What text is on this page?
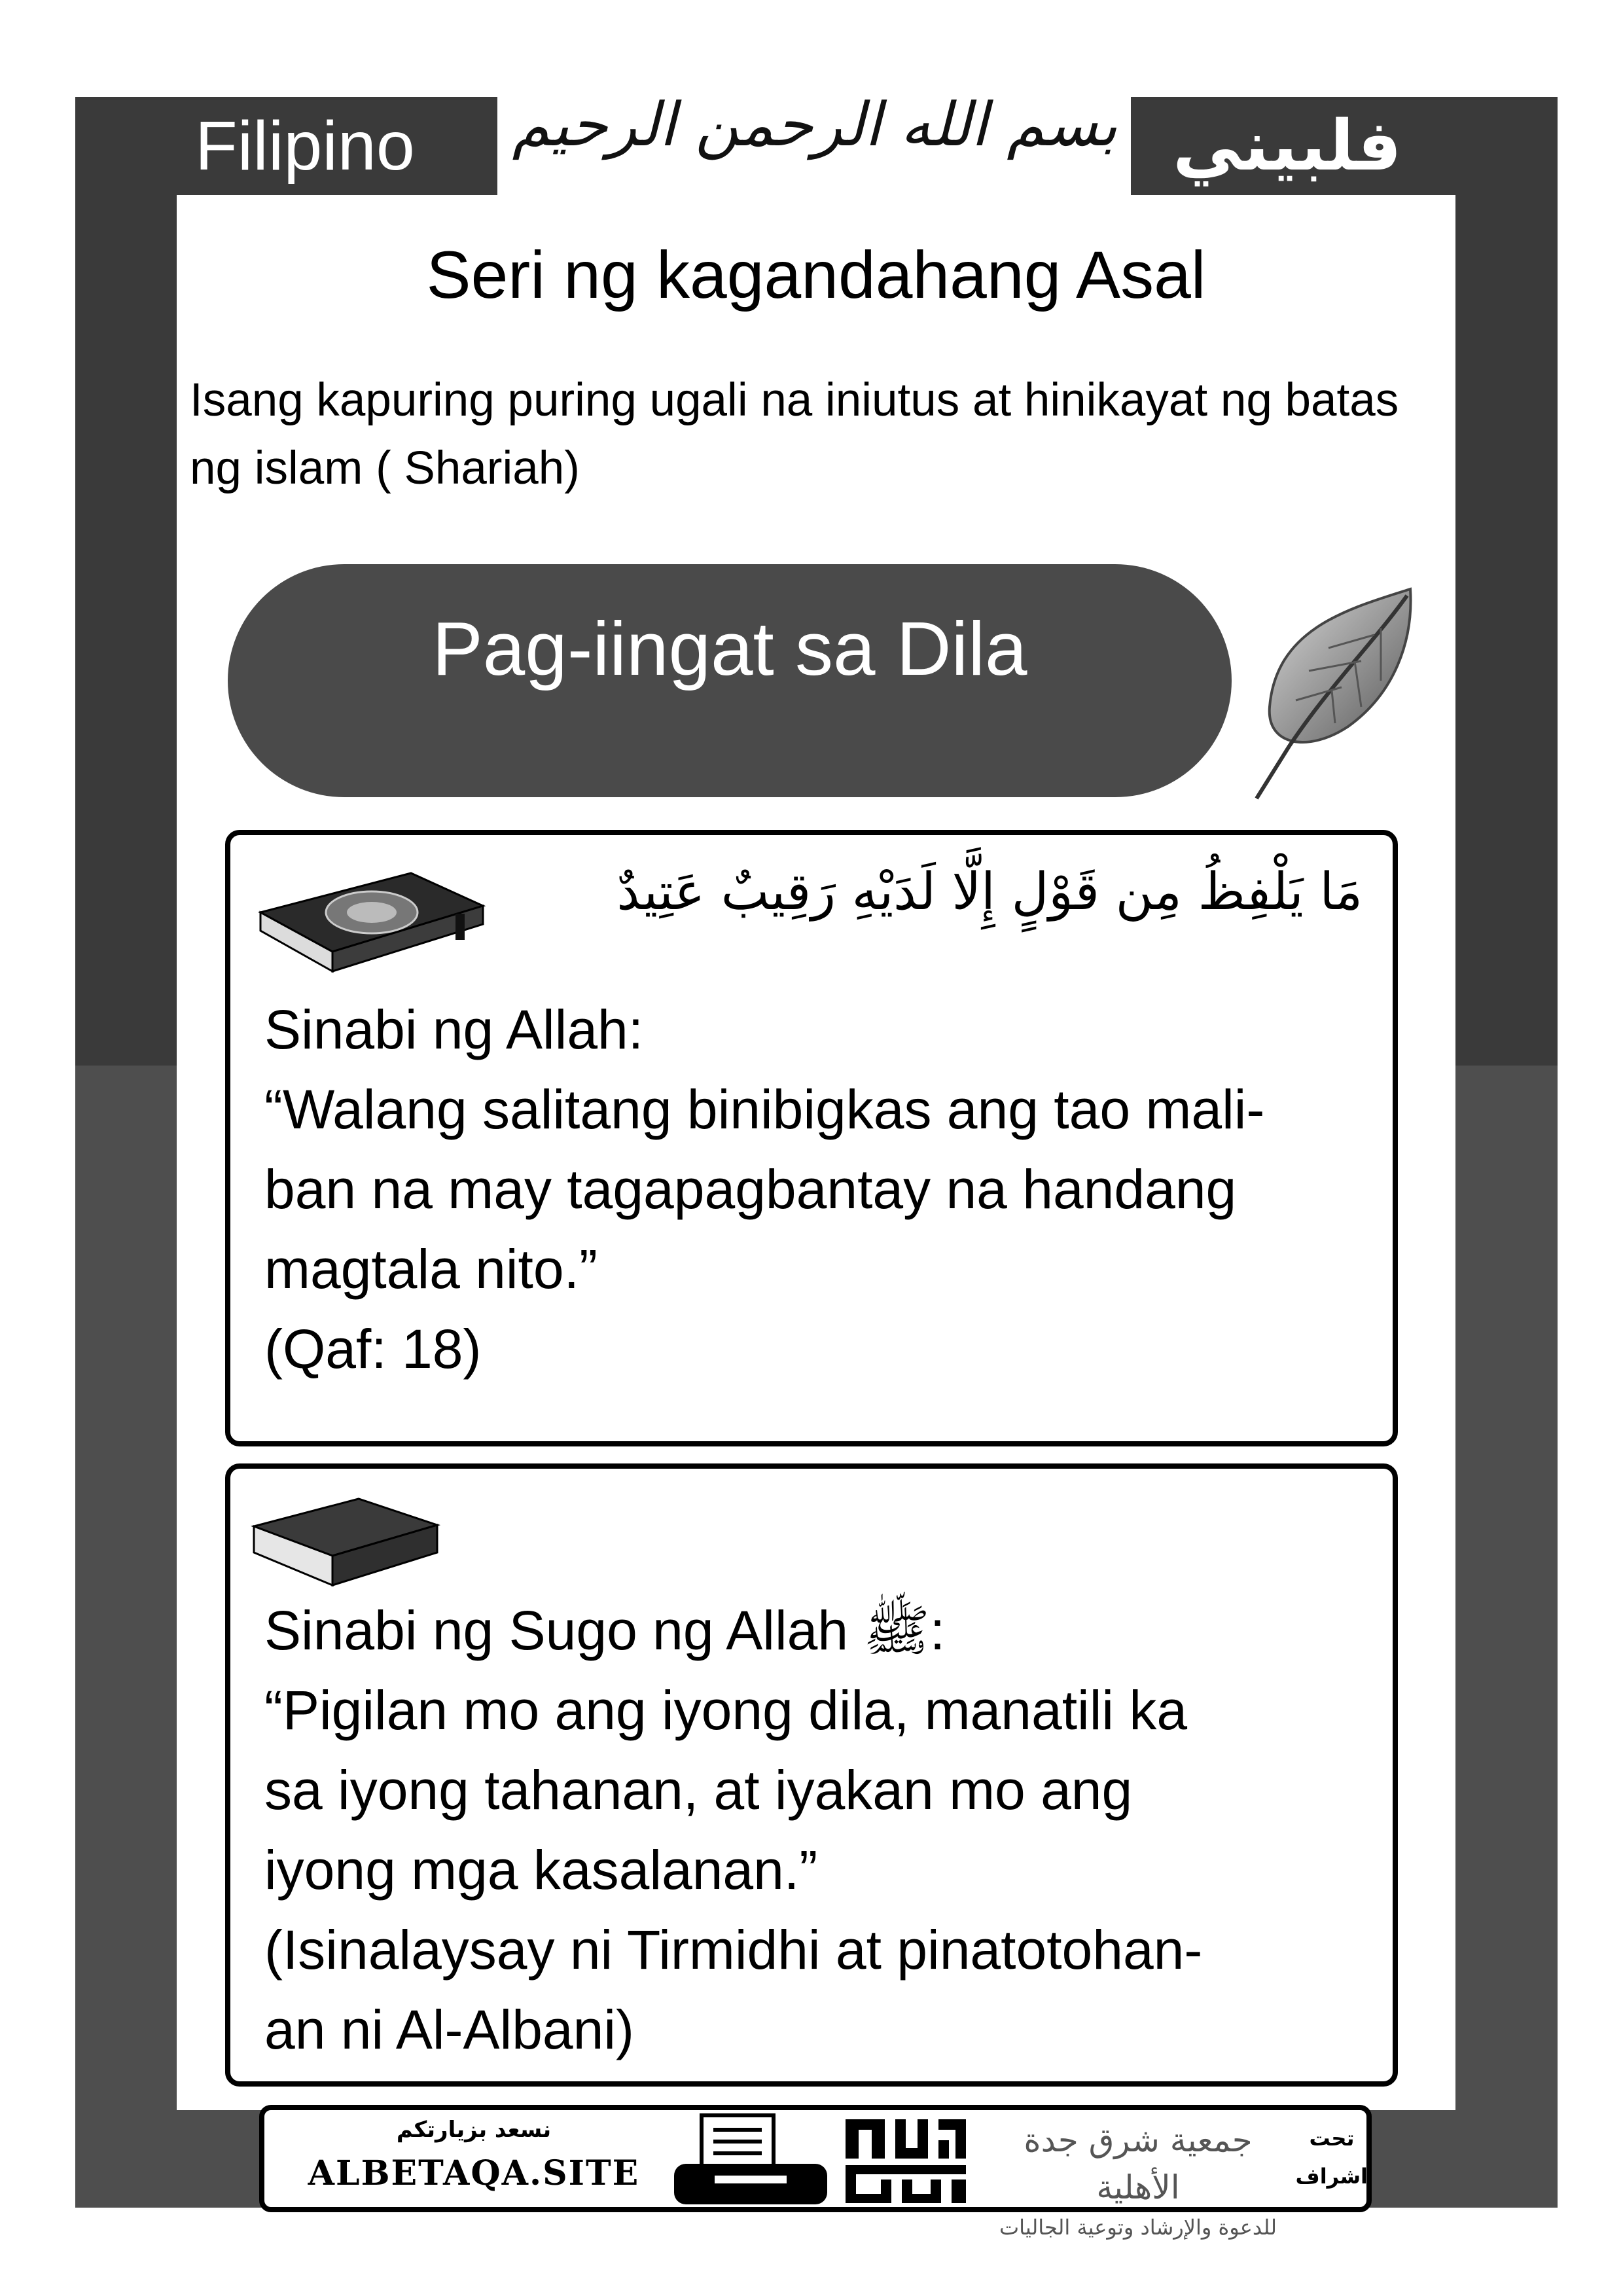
Filipino	فلبيني
بسم الله الرحمن الرحيم
Seri ng kagandahang Asal
Isang kapuring puring ugali na iniutus at hinikayat ng batas ng islam ( Shariah)
Pag-iingat sa Dila
مَا يَلْفِظُ مِن قَوْلٍ إِلَّا لَدَيْهِ رَقِيبٌ عَتِيدٌ
Sinabi ng Allah:
“Walang salitang binibigkas ang tao mali-
ban na may tagapagbantay na handang
magtala nito.”
(Qaf: 18)
Sinabi ng Sugo ng Allah ﷺ:
“Pigilan mo ang iyong dila, manatili ka
sa iyong tahanan, at iyakan mo ang
iyong mga kasalanan.”
(Isinalaysay ni Tirmidhi at pinatotohan-
an ni Al-Albani)
نسعد بزيارتكم
ALBETAQA.SITE
جمعية شرق جدة الأهلية
للدعوة والإرشاد وتوعية الجاليات
تحت اشراف
